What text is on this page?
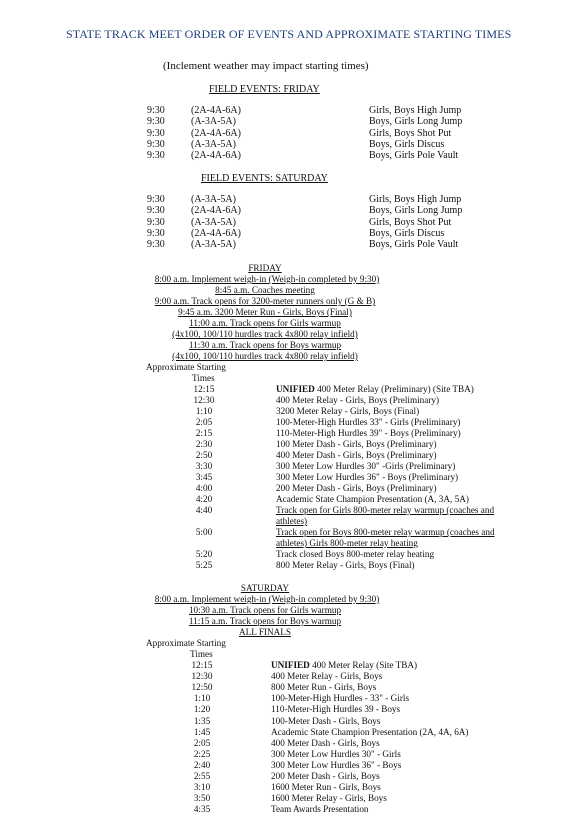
STATE TRACK MEET ORDER OF EVENTS AND APPROXIMATE STARTING TIMES
(Inclement weather may impact starting times)
FIELD EVENTS: FRIDAY
9:30	(2A-4A-6A)	Girls, Boys High Jump
9:30	(A-3A-5A)	Boys, Girls Long Jump
9:30	(2A-4A-6A)	Girls, Boys Shot Put
9:30	(A-3A-5A)	Boys, Girls Discus
9:30	(2A-4A-6A)	Boys, Girls Pole Vault
FIELD EVENTS: SATURDAY
9:30	(A-3A-5A)	Girls, Boys High Jump
9:30	(2A-4A-6A)	Boys, Girls Long Jump
9:30	(A-3A-5A)	Girls, Boys Shot Put
9:30	(2A-4A-6A)	Boys, Girls Discus
9:30	(A-3A-5A)	Boys, Girls Pole Vault
FRIDAY
8:00 a.m. Implement weigh-in (Weigh-in completed by 9:30)
8:45 a.m. Coaches meeting
9:00 a.m. Track opens for 3200-meter runners only (G & B)
9:45 a.m. 3200 Meter Run - Girls, Boys (Final)
11:00 a.m. Track opens for Girls warmup
(4x100, 100/110 hurdles track 4x800 relay infield)
11:30 a.m. Track opens for Boys warmup
(4x100, 100/110 hurdles track 4x800 relay infield)
Approximate Starting
Times
12:15	UNIFIED 400 Meter Relay (Preliminary) (Site TBA)
12:30	400 Meter Relay - Girls, Boys (Preliminary)
1:10	3200 Meter Relay - Girls, Boys (Final)
2:05	100-Meter-High Hurdles 33" - Girls (Preliminary)
2:15	110-Meter-High Hurdles 39" - Boys (Preliminary)
2:30	100 Meter Dash - Girls, Boys (Preliminary)
2:50	400 Meter Dash - Girls, Boys (Preliminary)
3:30	300 Meter Low Hurdles 30" -Girls (Preliminary)
3:45	300 Meter Low Hurdles 36" - Boys (Preliminary)
4:00	200 Meter Dash - Girls, Boys (Preliminary)
4:20	Academic State Champion Presentation (A, 3A, 5A)
4:40	Track open for Girls 800-meter relay warmup (coaches and
athletes)
5:00	Track open for Boys 800-meter relay warmup (coaches and
athletes) Girls 800-meter relay heating
5:20	Track closed Boys 800-meter relay heating
5:25	800 Meter Relay - Girls, Boys (Final)
SATURDAY
8:00 a.m. Implement weigh-in (Weigh-in completed by 9:30)
10:30 a.m. Track opens for Girls warmup
11:15 a.m. Track opens for Boys warmup
ALL FINALS
Approximate Starting
Times
12:15	UNIFIED 400 Meter Relay (Site TBA)
12:30	400 Meter Relay - Girls, Boys
12:50	800 Meter Run - Girls, Boys
1:10	100-Meter-High Hurdles - 33" - Girls
1:20	110-Meter-High Hurdles 39 - Boys
1:35	100-Meter Dash - Girls, Boys
1:45	Academic State Champion Presentation (2A, 4A, 6A)
2:05	400 Meter Dash - Girls, Boys
2:25	300 Meter Low Hurdles 30" - Girls
2:40	300 Meter Low Hurdles 36" - Boys
2:55	200 Meter Dash - Girls, Boys
3:10	1600 Meter Run - Girls, Boys
3:50	1600 Meter Relay - Girls, Boys
4:35	Team Awards Presentation
